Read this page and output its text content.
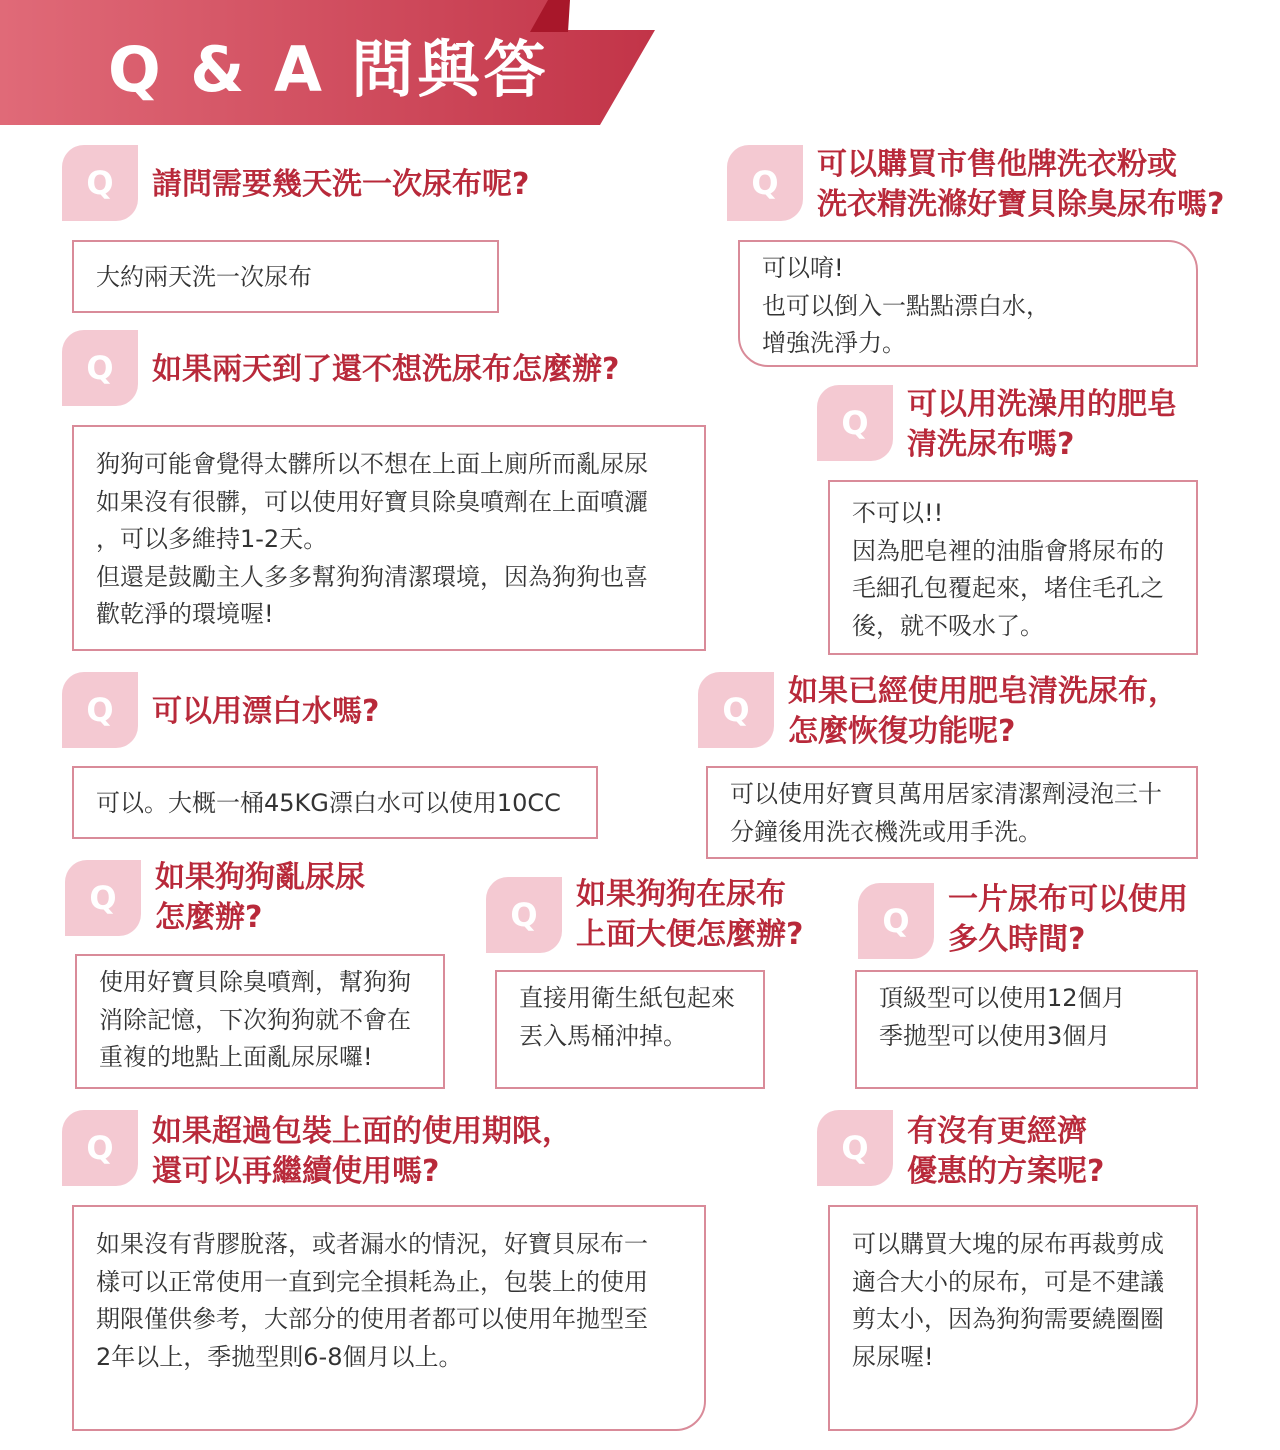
Q & A 問與答
Q	請問需要幾天洗一次尿布呢?

大約兩天洗一次尿布

Q	可以購買市售他牌洗衣粉或
洗衣精洗滌好寶貝除臭尿布嗎?

可以唷!

也可以倒入一點點漂白水，

增強洗淨力。

Q	如果兩天到了還不想洗尿布怎麼辦?

狗狗可能會覺得太髒所以不想在上面上廁所而亂尿尿

如果沒有很髒，可以使用好寶貝除臭噴劑在上面噴灑

，可以多維持1-2天。

但還是鼓勵主人多多幫狗狗清潔環境，因為狗狗也喜

歡乾淨的環境喔!

Q	可以用洗澡用的肥皂
清洗尿布嗎?

不可以!!

因為肥皂裡的油脂會將尿布的

毛細孔包覆起來，堵住毛孔之

後，就不吸水了。

Q	可以用漂白水嗎?

可以。大概一桶45KG漂白水可以使用10CC

Q	如果已經使用肥皂清洗尿布，
怎麼恢復功能呢?

可以使用好寶貝萬用居家清潔劑浸泡三十

分鐘後用洗衣機洗或用手洗。

Q
如果狗狗亂尿尿
怎麼辦?

使用好寶貝除臭噴劑，幫狗狗

消除記憶，下次狗狗就不會在

重複的地點上面亂尿尿囉!

Q
如果狗狗在尿布
上面大便怎麼辦?

直接用衛生紙包起來

丟入馬桶沖掉。

Q
一片尿布可以使用
多久時間?

頂級型可以使用12個月

季拋型可以使用3個月

Q	如果超過包裝上面的使用期限，
還可以再繼續使用嗎?

如果沒有背膠脫落，或者漏水的情況，好寶貝尿布一

樣可以正常使用一直到完全損耗為止，包裝上的使用

期限僅供參考，大部分的使用者都可以使用年拋型至

2年以上，季拋型則6-8個月以上。

Q	有沒有更經濟
優惠的方案呢?

可以購買大塊的尿布再裁剪成

適合大小的尿布，可是不建議

剪太小，因為狗狗需要繞圈圈

尿尿喔!
